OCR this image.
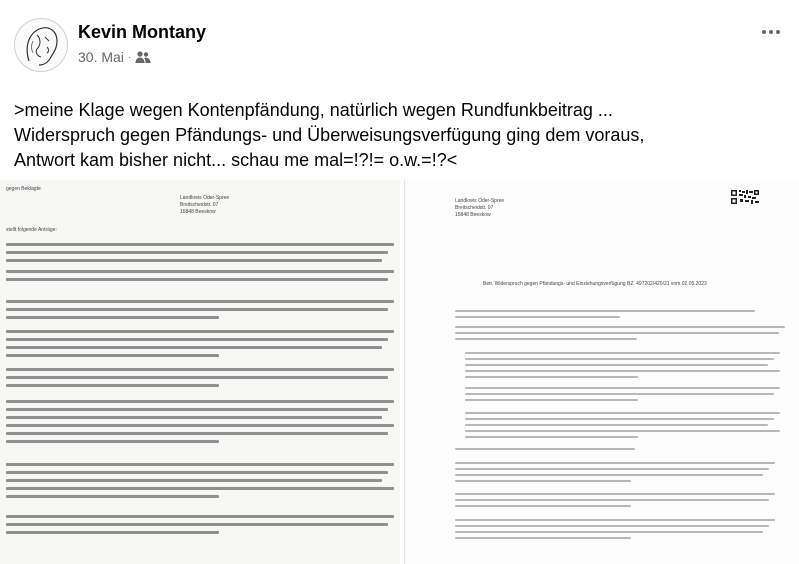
Kevin Montany
30. Mai ·
>meine Klage wegen Kontenpfändung, natürlich wegen Rundfunkbeitrag ...
Widerspruch gegen Pfändungs- und Überweisungsverfügung ging dem voraus,
Antwort kam bisher nicht... schau me mal=!?!= o.w.=!?<
gegen Beklagte
Landkreis Oder-Spree
Breitscheidstr. 07
15848 Beeskow
stellt folgende Anträge:
Landkreis Oder-Spree
Breitscheidstr. 07
15848 Beeskow
Betr. Widerspruch gegen Pfändungs- und Einziehungsverfügung BZ. 497202/420/21 vom 02.05.2023
